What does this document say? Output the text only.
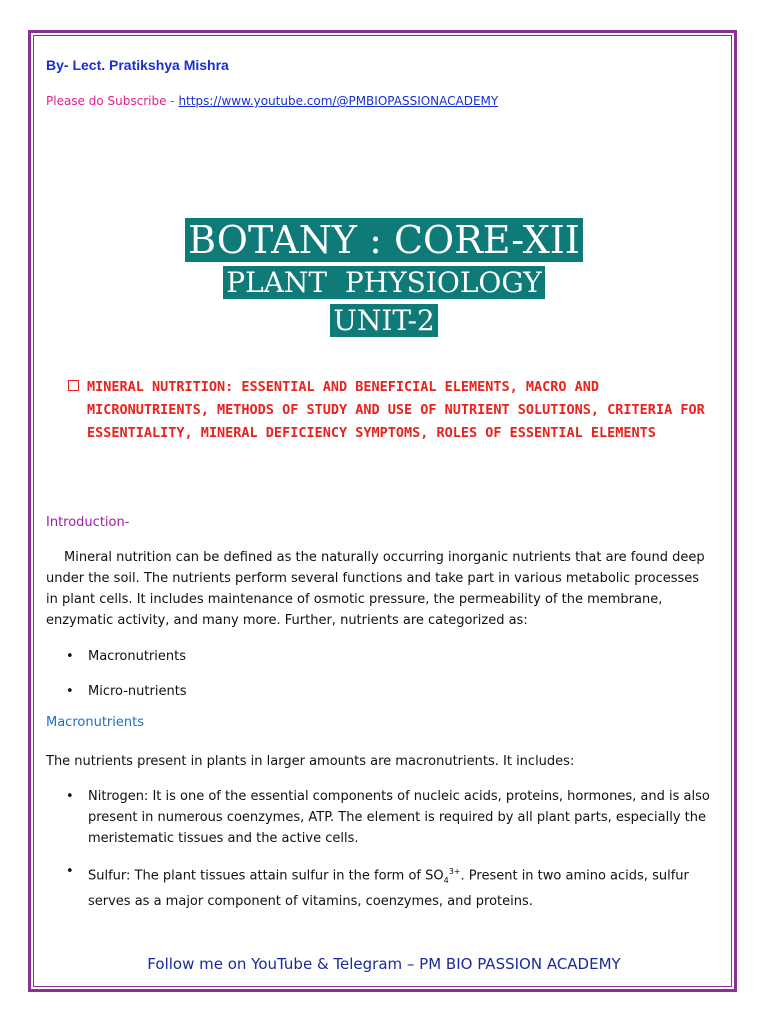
By- Lect. Pratikshya Mishra
Please do Subscribe - https://www.youtube.com/@PMBIOPASSIONACADEMY
BOTANY : CORE-XII
PLANT  PHYSIOLOGY
UNIT-2
MINERAL NUTRITION: ESSENTIAL AND BENEFICIAL ELEMENTS, MACRO AND MICRONUTRIENTS, METHODS OF STUDY AND USE OF NUTRIENT SOLUTIONS, CRITERIA FOR ESSENTIALITY, MINERAL DEFICIENCY SYMPTOMS, ROLES OF ESSENTIAL ELEMENTS
Introduction-
Mineral nutrition can be defined as the naturally occurring inorganic nutrients that are found deep under the soil. The nutrients perform several functions and take part in various metabolic processes in plant cells. It includes maintenance of osmotic pressure, the permeability of the membrane, enzymatic activity, and many more. Further, nutrients are categorized as:
•	Macronutrients
•	Micro-nutrients
Macronutrients
The nutrients present in plants in larger amounts are macronutrients. It includes:
•	Nitrogen: It is one of the essential components of nucleic acids, proteins, hormones, and is also present in numerous coenzymes, ATP. The element is required by all plant parts, especially the meristematic tissues and the active cells.
•	Sulfur: The plant tissues attain sulfur in the form of $SO_4^{3+}$. Present in two amino acids, sulfur serves as a major component of vitamins, coenzymes, and proteins.
Follow me on YouTube & Telegram – PM BIO PASSION ACADEMY
